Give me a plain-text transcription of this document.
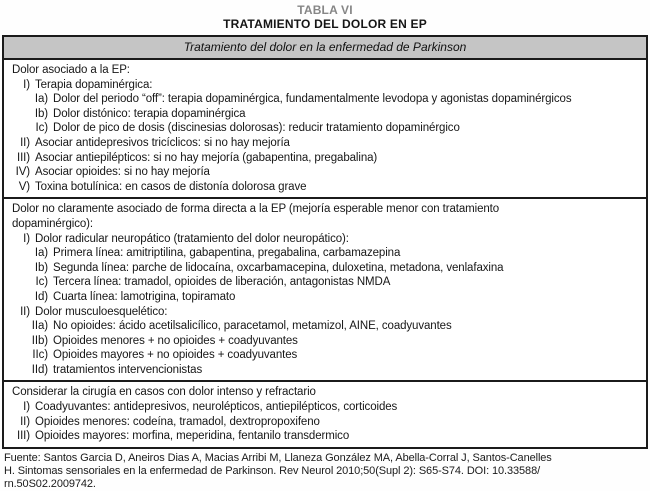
TABLA VI
TRATAMIENTO DEL DOLOR EN EP
Tratamiento del dolor en la enfermedad de Parkinson
Dolor asociado a la EP:
I) Terapia dopaminérgica:
Ia) Dolor del periodo “off”: terapia dopaminérgica, fundamentalmente levodopa y agonistas dopaminérgicos
Ib) Dolor distónico: terapia dopaminérgica
Ic) Dolor de pico de dosis (discinesias dolorosas): reducir tratamiento dopaminérgico
II) Asociar antidepresivos tricíclicos: si no hay mejoría
III) Asociar antiepilépticos: si no hay mejoría (gabapentina, pregabalina)
IV) Asociar opioides: si no hay mejoría
V) Toxina botulínica: en casos de distonía dolorosa grave
Dolor no claramente asociado de forma directa a la EP (mejoría esperable menor con tratamiento
dopaminérgico):
I) Dolor radicular neuropático (tratamiento del dolor neuropático):
Ia) Primera línea: amitriptilina, gabapentina, pregabalina, carbamazepina
Ib) Segunda línea: parche de lidocaína, oxcarbamacepina, duloxetina, metadona, venlafaxina
Ic) Tercera línea: tramadol, opioides de liberación, antagonistas NMDA
Id) Cuarta línea: lamotrigina, topiramato
II) Dolor musculoesquelético:
IIa) No opioides: ácido acetilsalicílico, paracetamol, metamizol, AINE, coadyuvantes
IIb) Opioides menores + no opioides + coadyuvantes
IIc) Opioides mayores + no opioides + coadyuvantes
IId) tratamientos intervencionistas
Considerar la cirugía en casos con dolor intenso y refractario
I) Coadyuvantes: antidepresivos, neurolépticos, antiepilépticos, corticoides
II) Opioides menores: codeína, tramadol, dextropropoxifeno
III) Opioides mayores: morfina, meperidina, fentanilo transdermico
Fuente: Santos Garcia D, Aneiros Dias A, Macias Arribi M, Llaneza González MA, Abella-Corral J, Santos-Canelles
H. Sintomas sensoriales en la enfermedad de Parkinson. Rev Neurol 2010;50(Supl 2): S65-S74. DOI: 10.33588/
rn.50S02.2009742.
